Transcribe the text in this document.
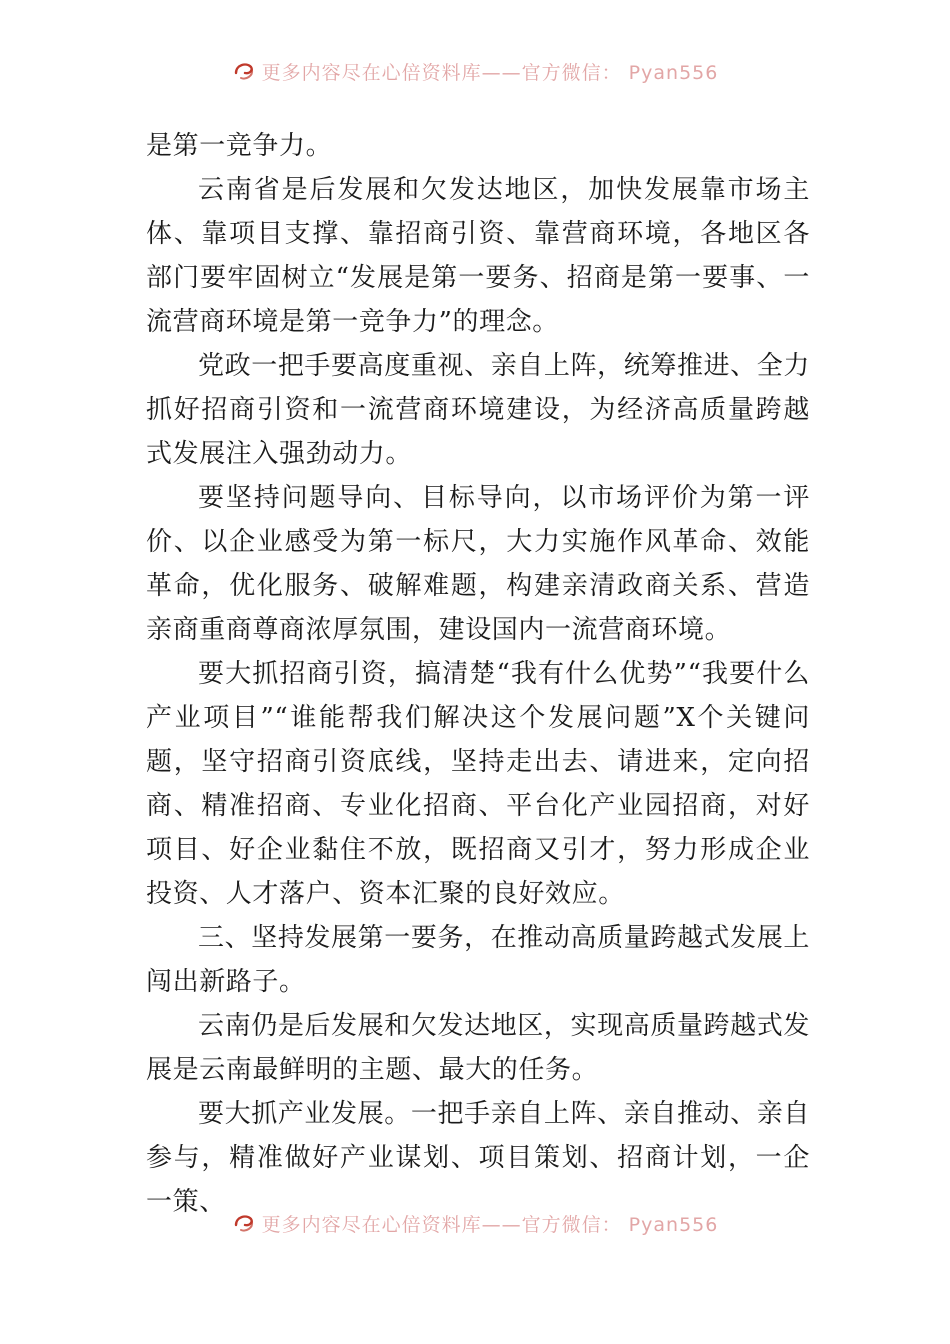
更多内容尽在心倍资料库——官方微信： Pyan556

是第一竞争力。

云南省是后发展和欠发达地区，加快发展靠市场主体、靠项目支撑、靠招商引资、靠营商环境，各地区各部门要牢固树立“发展是第一要务、招商是第一要事、一流营商环境是第一竞争力”的理念。

党政一把手要高度重视、亲自上阵，统筹推进、全力抓好招商引资和一流营商环境建设，为经济高质量跨越式发展注入强劲动力。

要坚持问题导向、目标导向，以市场评价为第一评价、以企业感受为第一标尺，大力实施作风革命、效能革命，优化服务、破解难题，构建亲清政商关系、营造亲商重商尊商浓厚氛围，建设国内一流营商环境。

要大抓招商引资，搞清楚“我有什么优势”“我要什么产业项目”“谁能帮我们解决这个发展问题”X个关键问题，坚守招商引资底线，坚持走出去、请进来，定向招商、精准招商、专业化招商、平台化产业园招商，对好项目、好企业黏住不放，既招商又引才，努力形成企业投资、人才落户、资本汇聚的良好效应。

三、坚持发展第一要务，在推动高质量跨越式发展上闯出新路子。

云南仍是后发展和欠发达地区，实现高质量跨越式发展是云南最鲜明的主题、最大的任务。

要大抓产业发展。一把手亲自上阵、亲自推动、亲自参与，精准做好产业谋划、项目策划、招商计划，一企一策、

更多内容尽在心倍资料库——官方微信： Pyan556
